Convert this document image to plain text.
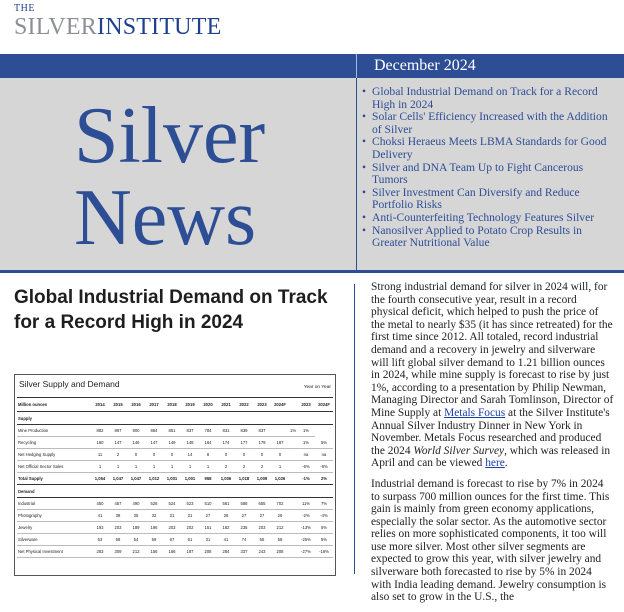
THE
SILVERINSTITUTE
December 2024
Silver
News
• Global Industrial Demand on Track for a Record High in 2024
• Solar Cells' Efficiency Increased with the Addition of Silver
• Choksi Heraeus Meets LBMA Standards for Good Delivery
• Silver and DNA Team Up to Fight Cancerous Tumors
• Silver Investment Can Diversify and Reduce Portfolio Risks
• Anti-Counterfeiting Technology Features Silver
• Nanosilver Applied to Potato Crop Results in Greater Nutritional Value
Global Industrial Demand on Track for a Record High in 2024

Strong industrial demand for silver in 2024 will, for the fourth consecutive year, result in a record physical deficit, which helped to push the price of the metal to nearly $35 (it has since retreated) for the first time since 2012. All totaled, record industrial demand and a recovery in jewelry and silverware will lift global silver demand to 1.21 billion ounces in 2024, while mine supply is forecast to rise by just 1%, according to a presentation by Philip Newman, Managing Director and Sarah Tomlinson, Director of Mine Supply at Metals Focus at the Silver Institute's Annual Silver Industry Dinner in New York in November. Metals Focus researched and produced the 2024 World Silver Survey, which was released in April and can be viewed here.

Industrial demand is forecast to rise by 7% in 2024 to surpass 700 million ounces for the first time. This gain is mainly from green economy applications, especially the solar sector. As the automotive sector relies on more sophisticated components, it too will use more silver. Most other silver segments are expected to grow this year, with silver jewelry and silverware both forecasted to rise by 5% in 2024 with India leading demand. Jewelry consumption is also set to grow in the U.S., the

Silver Supply and Demand	Year on Year
Million ounces	2014	2015	2016	2017	2018	2019	2020	2021	2022	2023	2024F		2023	2024F
Supply														
Mine Production	882	897	900	864	851	837	784	831	839	837		1%	1%	
Recycling	160	147	146	147	149	148	164	174	177	179	187		1%	5%
Net Hedging Supply	11	2	0	0	0	14	8	0	0	0	0		na	na
Net Official Sector Sales	1	1	1	1	1	1	1	2	2	2	1		-6%	-9%
Total Supply	1,054	1,047	1,047	1,012	1,001	1,001	958	1,006	1,018	1,009	1,026		-1%	2%
Demand														
Industrial	450	457	490	526	524	523	510	561	588	655	702		11%	7%
Photography	41	38	35	32	31	31	27	28	27	27	26		-2%	-4%
Jewelry	193	203	189	196	203	202	151	182	235	203	212		-13%	5%
Silverware	53	58	54	59	67	61	31	41	74	55	58		-25%	5%
Net Physical Investment	283	309	213	156	166	187	208	284	337	243	208		-27%	-16%
